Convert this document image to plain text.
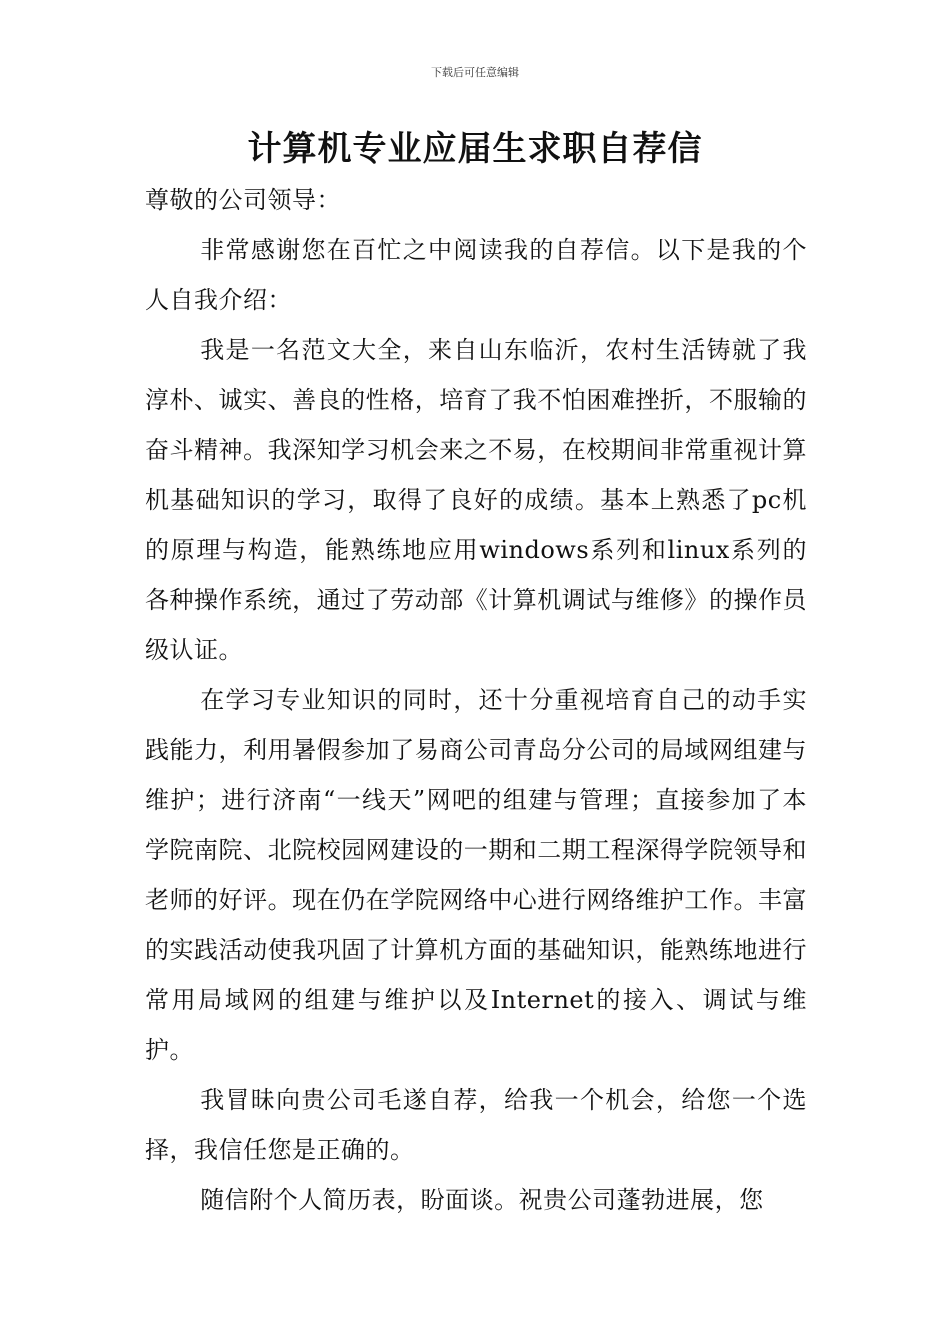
下载后可任意编辑
计算机专业应届生求职自荐信

尊敬的公司领导：

非常感谢您在百忙之中阅读我的自荐信。以下是我的个人自我介绍：

我是一名范文大全，来自山东临沂，农村生活铸就了我淳朴、诚实、善良的性格，培育了我不怕困难挫折，不服输的奋斗精神。我深知学习机会来之不易，在校期间非常重视计算机基础知识的学习，取得了良好的成绩。基本上熟悉了pc机的原理与构造，能熟练地应用windows系列和linux系列的各种操作系统，通过了劳动部《计算机调试与维修》的操作员级认证。

在学习专业知识的同时，还十分重视培育自己的动手实践能力，利用暑假参加了易商公司青岛分公司的局域网组建与维护；进行济南“一线天”网吧的组建与管理；直接参加了本学院南院、北院校园网建设的一期和二期工程深得学院领导和老师的好评。现在仍在学院网络中心进行网络维护工作。丰富的实践活动使我巩固了计算机方面的基础知识，能熟练地进行常用局域网的组建与维护以及Internet的接入、调试与维护。

我冒昧向贵公司毛遂自荐，给我一个机会，给您一个选择，我信任您是正确的。

随信附个人简历表，盼面谈。祝贵公司蓬勃进展，您
